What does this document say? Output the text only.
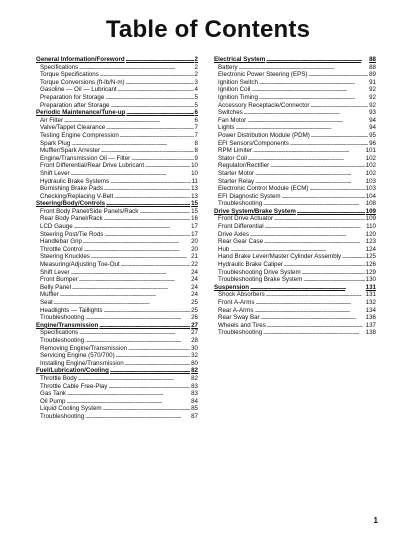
Table of Contents
General Information/Foreword . . .	2
Specifications . . .	2
Torque Specifications . . .	2
Torque Conversions (ft-lb/N-m) . . .	3
Gasoline — Oil — Lubricant . . .	4
Preparation for Storage . . .	5
Preparation after Storage . . .	5
Periodic Maintenance/Tune-up . . .	6
Air Filter . . .	6
Valve/Tappet Clearance . . .	7
Testing Engine Compression . . .	7
Spark Plug . . .	8
Muffler/Spark Arrester . . .	8
Engine/Transmission Oil — Filter . . .	9
Front Differential/Rear Drive Lubricant . . .	10
Shift Lever . . .	10
Hydraulic Brake Systems . . .	11
Burnishing Brake Pads . . .	13
Checking/Replacing V-Belt . . .	13
Steering/Body/Controls . . .	15
Front Body Panel/Side Panels/Rack . . .	15
Rear Body Panel/Rack . . .	16
LCD Gauge . . .	17
Steering Post/Tie Rods . . .	17
Handlebar Grip . . .	20
Throttle Control . . .	20
Steering Knuckles . . .	21
Measuring/Adjusting Toe-Out . . .	22
Shift Lever . . .	24
Front Bumper . . .	24
Belly Panel . . .	24
Muffler . . .	24
Seat . . .	25
Headlights — Taillights . . .	25
Troubleshooting . . .	26
Engine/Transmission . . .	27
Specifications . . .	27
Troubleshooting . . .	28
Removing Engine/Transmission . . .	30
Servicing Engine (570/700) . . .	32
Installing Engine/Transmission . . .	80
Fuel/Lubrication/Cooling . . .	82
Throttle Body . . .	82
Throttle Cable Free-Play . . .	83
Gas Tank . . .	83
Oil Pump . . .	84
Liquid Cooling System . . .	85
Troubleshooting . . .	87
Electrical System . . .	88
Battery . . .	88
Electronic Power Steering (EPS) . . .	89
Ignition Switch . . .	91
Ignition Coil . . .	92
Ignition Timing . . .	92
Accessory Receptacle/Connector . . .	92
Switches . . .	93
Fan Motor . . .	94
Lights . . .	94
Power Distribution Module (PDM) . . .	95
EFI Sensors/Components . . .	96
RPM Limiter . . .	101
Stator Coil . . .	102
Regulator/Rectifier . . .	102
Starter Motor . . .	102
Starter Relay . . .	103
Electronic Control Module (ECM) . . .	103
EFI Diagnostic System . . .	104
Troubleshooting . . .	108
Drive System/Brake System . . .	109
Front Drive Actuator . . .	109
Front Differential . . .	110
Drive Axles . . .	120
Rear Gear Case . . .	123
Hub . . .	124
Hand Brake Lever/Master Cylinder Assembly . . .	125
Hydraulic Brake Caliper . . .	126
Troubleshooting Drive System . . .	129
Troubleshooting Brake System . . .	130
Suspension . . .	131
Shock Absorbers . . .	131
Front A-Arms . . .	132
Rear A-Arms . . .	134
Rear Sway Bar . . .	136
Wheels and Tires . . .	137
Troubleshooting . . .	138
1
